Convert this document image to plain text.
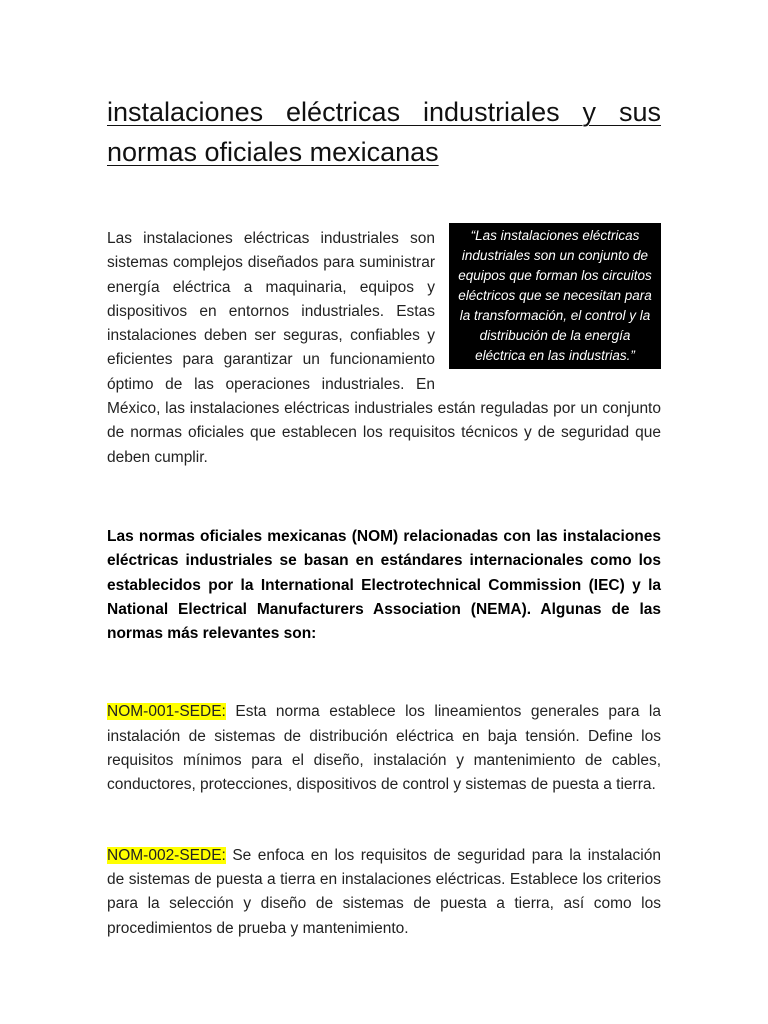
instalaciones eléctricas industriales y sus normas oficiales mexicanas
“Las instalaciones eléctricas industriales son un conjunto de equipos que forman los circuitos eléctricos que se necesitan para la transformación, el control y la distribución de la energía eléctrica en las industrias.”
Las instalaciones eléctricas industriales son sistemas complejos diseñados para suministrar energía eléctrica a maquinaria, equipos y dispositivos en entornos industriales. Estas instalaciones deben ser seguras, confiables y eficientes para garantizar un funcionamiento óptimo de las operaciones industriales. En México, las instalaciones eléctricas industriales están reguladas por un conjunto de normas oficiales que establecen los requisitos técnicos y de seguridad que deben cumplir.

Las normas oficiales mexicanas (NOM) relacionadas con las instalaciones eléctricas industriales se basan en estándares internacionales como los establecidos por la International Electrotechnical Commission (IEC) y la National Electrical Manufacturers Association (NEMA). Algunas de las normas más relevantes son:

NOM-001-SEDE: Esta norma establece los lineamientos generales para la instalación de sistemas de distribución eléctrica en baja tensión. Define los requisitos mínimos para el diseño, instalación y mantenimiento de cables, conductores, protecciones, dispositivos de control y sistemas de puesta a tierra.

NOM-002-SEDE: Se enfoca en los requisitos de seguridad para la instalación de sistemas de puesta a tierra en instalaciones eléctricas. Establece los criterios para la selección y diseño de sistemas de puesta a tierra, así como los procedimientos de prueba y mantenimiento.
